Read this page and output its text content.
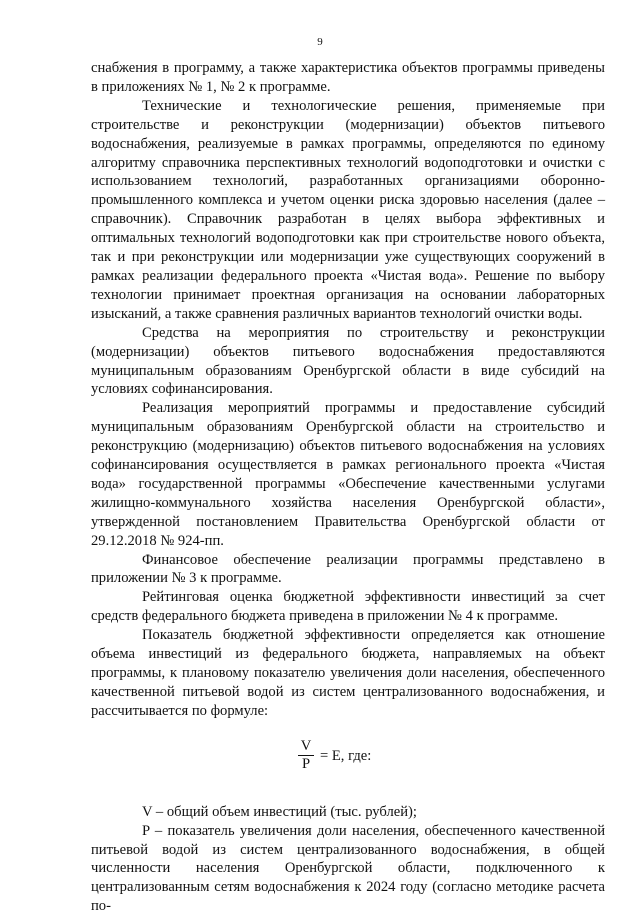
9

снабжения в программу, а также характеристика объектов программы приведены в приложениях № 1, № 2 к программе.

Технические и технологические решения, применяемые при строительстве и реконструкции (модернизации) объектов питьевого водоснабжения, реализуемые в рамках программы, определяются по единому алгоритму справочника перспективных технологий водоподготовки и очистки с использованием технологий, разработанных организациями оборонно-промышленного комплекса и учетом оценки риска здоровью населения (далее – справочник). Справочник разработан в целях выбора эффективных и оптимальных технологий водоподготовки как при строительстве нового объекта, так и при реконструкции или модернизации уже существующих сооружений в рамках реализации федерального проекта «Чистая вода». Решение по выбору технологии принимает проектная организация на основании лабораторных изысканий, а также сравнения различных вариантов технологий очистки воды.

Средства на мероприятия по строительству и реконструкции (модернизации) объектов питьевого водоснабжения предоставляются муниципальным образованиям Оренбургской области в виде субсидий на условиях софинансирования.

Реализация мероприятий программы и предоставление субсидий муниципальным образованиям Оренбургской области на строительство и реконструкцию (модернизацию) объектов питьевого водоснабжения на условиях софинансирования осуществляется в рамках регионального проекта «Чистая вода» государственной программы «Обеспечение качественными услугами жилищно-коммунального хозяйства населения Оренбургской области», утвержденной постановлением Правительства Оренбургской области от 29.12.2018 № 924-пп.

Финансовое обеспечение реализации программы представлено в приложении № 3 к программе.

Рейтинговая оценка бюджетной эффективности инвестиций за счет средств федерального бюджета приведена в приложении № 4 к программе.

Показатель бюджетной эффективности определяется как отношение объема инвестиций из федерального бюджета, направляемых на объект программы, к плановому показателю увеличения доли населения, обеспеченного качественной питьевой водой из систем централизованного водоснабжения, и рассчитывается по формуле:

$\frac{V}{P} = E$, где:

V – общий объем инвестиций (тыс. рублей);

P – показатель увеличения доли населения, обеспеченного качественной питьевой водой из систем централизованного водоснабжения, в общей численности населения Оренбургской области, подключенного к централизованным сетям водоснабжения к 2024 году (согласно методике расчета по-
